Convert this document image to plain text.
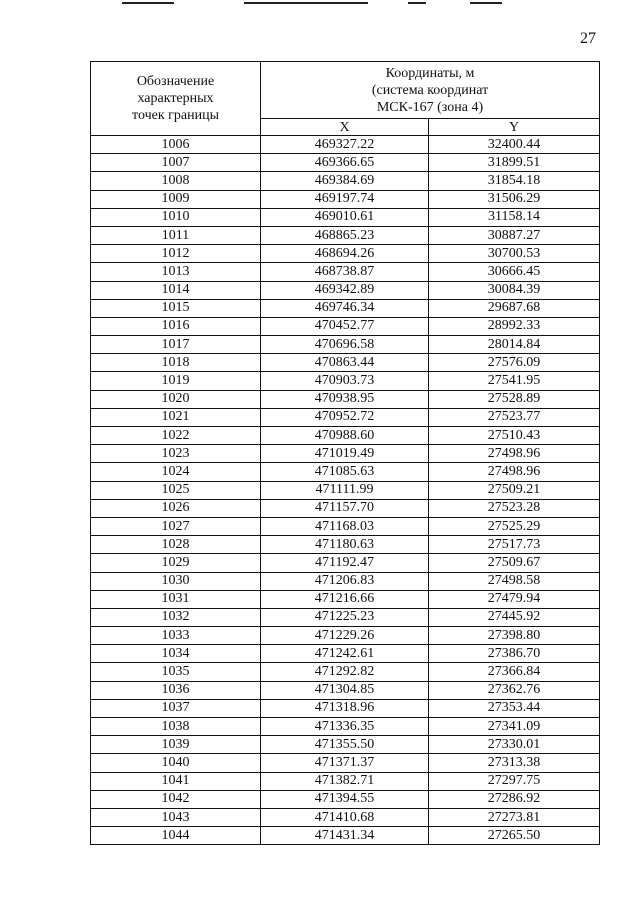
27
Обозначение
характерных
точек границы	Координаты, м
(система координат
МСК-167 (зона 4)	
	X	Y
1006	469327.22	32400.44
1007	469366.65	31899.51
1008	469384.69	31854.18
1009	469197.74	31506.29
1010	469010.61	31158.14
1011	468865.23	30887.27
1012	468694.26	30700.53
1013	468738.87	30666.45
1014	469342.89	30084.39
1015	469746.34	29687.68
1016	470452.77	28992.33
1017	470696.58	28014.84
1018	470863.44	27576.09
1019	470903.73	27541.95
1020	470938.95	27528.89
1021	470952.72	27523.77
1022	470988.60	27510.43
1023	471019.49	27498.96
1024	471085.63	27498.96
1025	471111.99	27509.21
1026	471157.70	27523.28
1027	471168.03	27525.29
1028	471180.63	27517.73
1029	471192.47	27509.67
1030	471206.83	27498.58
1031	471216.66	27479.94
1032	471225.23	27445.92
1033	471229.26	27398.80
1034	471242.61	27386.70
1035	471292.82	27366.84
1036	471304.85	27362.76
1037	471318.96	27353.44
1038	471336.35	27341.09
1039	471355.50	27330.01
1040	471371.37	27313.38
1041	471382.71	27297.75
1042	471394.55	27286.92
1043	471410.68	27273.81
1044	471431.34	27265.50
